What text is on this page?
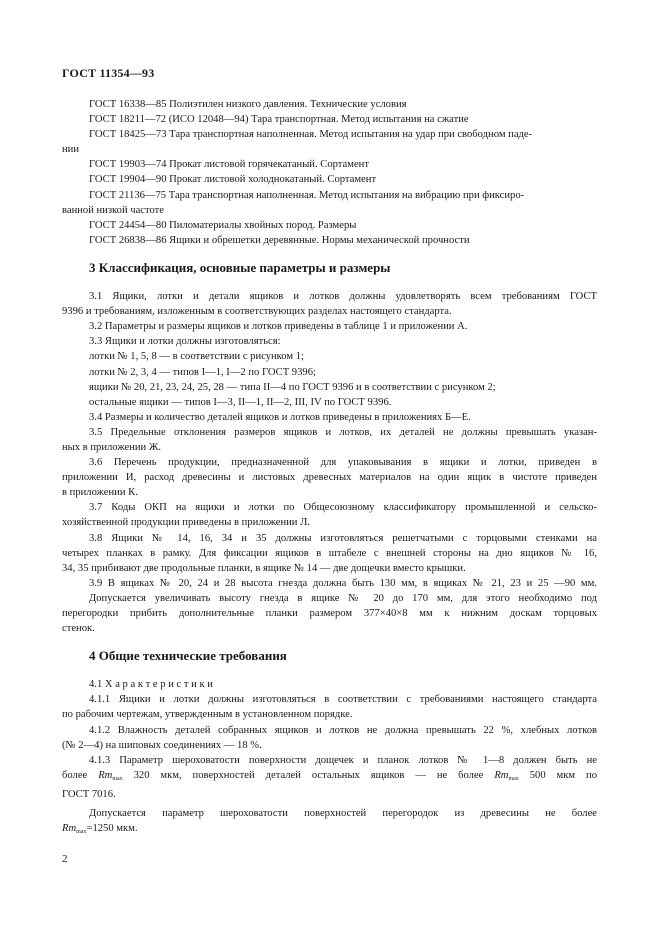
ГОСТ 11354—93
ГОСТ 16338—85 Полиэтилен низкого давления. Технические условия
ГОСТ 18211—72 (ИСО 12048—94) Тара транспортная. Метод испытания на сжатие
ГОСТ 18425—73 Тара транспортная наполненная. Метод испытания на удар при свободном паде-
нии
ГОСТ 19903—74 Прокат листовой горячекатаный. Сортамент
ГОСТ 19904—90 Прокат листовой холоднокатаный. Сортамент
ГОСТ 21136—75 Тара транспортная наполненная. Метод испытания на вибрацию при фиксиро-
ванной низкой частоте
ГОСТ 24454—80 Пиломатериалы хвойных пород. Размеры
ГОСТ 26838—86 Ящики и обрешетки деревянные. Нормы механической прочности
3 Классификация, основные параметры и размеры
3.1 Ящики, лотки и детали ящиков и лотков должны удовлетворять всем требованиям ГОСТ
9396 и требованиям, изложенным в соответствующих разделах настоящего стандарта.
3.2 Параметры и размеры ящиков и лотков приведены в таблице 1 и приложении А.
3.3 Ящики и лотки должны изготовляться:
лотки № 1, 5, 8 — в соответствии с рисунком 1;
лотки № 2, 3, 4 — типов I—1, I—2 по ГОСТ 9396;
ящики № 20, 21, 23, 24, 25, 28 — типа II—4 по ГОСТ 9396 и в соответствии с рисунком 2;
остальные ящики — типов I—3, II—1, II—2, III, IV по ГОСТ 9396.
3.4 Размеры и количество деталей ящиков и лотков приведены в приложениях Б—Е.
3.5 Предельные отклонения размеров ящиков и лотков, их деталей не должны превышать указан-
ных в приложении Ж.
3.6 Перечень продукции, предназначенной для упаковывания в ящики и лотки, приведен в
приложении И, расход древесины и листовых древесных материалов на один ящик в чистоте приведен
в приложении К.
3.7 Коды ОКП на ящики и лотки по Общесоюзному классификатору промышленной и сельско-
хозяйственной продукции приведены в приложении Л.
3.8 Ящики № 14, 16, 34 и 35 должны изготовляться решетчатыми с торцовыми стенками на
четырех планках в рамку. Для фиксации ящиков в штабеле с внешней стороны на дно ящиков № 16,
34, 35 прибивают две продольные планки, в ящике № 14 — две дощечки вместо крышки.
3.9 В ящиках № 20, 24 и 28 высота гнезда должна быть 130 мм, в ящиках № 21, 23 и 25 —90 мм.
Допускается увеличивать высоту гнезда в ящике № 20 до 170 мм, для этого необходимо под
перегородки прибить дополнительные планки размером 377×40×8 мм к нижним доскам торцовых
стенок.
4 Общие технические требования
4.1 Х а р а к т е р и с т и к и
4.1.1 Ящики и лотки должны изготовляться в соответствии с требованиями настоящего стандарта
по рабочим чертежам, утвержденным в установленном порядке.
4.1.2 Влажность деталей собранных ящиков и лотков не должна превышать 22 %, хлебных лотков
(№ 2—4) на шиповых соединениях — 18 %.
4.1.3 Параметр шероховатости поверхности дощечек и планок лотков № 1—8 должен быть не
более $Rm_{max}$ 320 мкм, поверхностей деталей остальных ящиков — не более $Rm_{max}$ 500 мкм по
ГОСТ 7016.
Допускается параметр шероховатости поверхностей перегородок из древесины не более
$Rm_{max}=1250$ мкм.
2
